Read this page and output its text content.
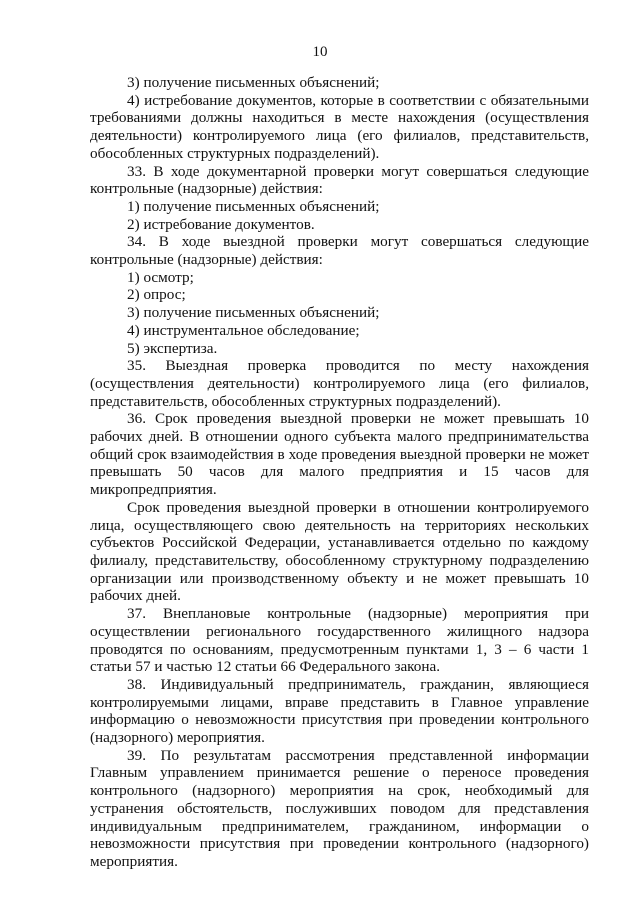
10

3) получение письменных объяснений;

4) истребование документов, которые в соответствии с обязательными требованиями должны находиться в месте нахождения (осуществления деятельности) контролируемого лица (его филиалов, представительств, обособленных структурных подразделений).

33. В ходе документарной проверки могут совершаться следующие контрольные (надзорные) действия:

1) получение письменных объяснений;

2) истребование документов.

34. В ходе выездной проверки могут совершаться следующие контрольные (надзорные) действия:

1) осмотр;

2) опрос;

3) получение письменных объяснений;

4) инструментальное обследование;

5) экспертиза.

35. Выездная проверка проводится по месту нахождения (осуществления деятельности) контролируемого лица (его филиалов, представительств, обособленных структурных подразделений).

36. Срок проведения выездной проверки не может превышать 10 рабочих дней. В отношении одного субъекта малого предпринимательства общий срок взаимодействия в ходе проведения выездной проверки не может превышать 50 часов для малого предприятия и 15 часов для микропредприятия.

Срок проведения выездной проверки в отношении контролируемого лица, осуществляющего свою деятельность на территориях нескольких субъектов Российской Федерации, устанавливается отдельно по каждому филиалу, представительству, обособленному структурному подразделению организации или производственному объекту и не может превышать 10 рабочих дней.

37. Внеплановые контрольные (надзорные) мероприятия при осуществлении регионального государственного жилищного надзора проводятся по основаниям, предусмотренным пунктами 1, 3 – 6 части 1 статьи 57 и частью 12 статьи 66 Федерального закона.

38. Индивидуальный предприниматель, гражданин, являющиеся контролируемыми лицами, вправе представить в Главное управление информацию о невозможности присутствия при проведении контрольного (надзорного) мероприятия.

39. По результатам рассмотрения представленной информации Главным управлением принимается решение о переносе проведения контрольного (надзорного) мероприятия на срок, необходимый для устранения обстоятельств, послуживших поводом для представления индивидуальным предпринимателем, гражданином, информации о невозможности присутствия при проведении контрольного (надзорного) мероприятия.
